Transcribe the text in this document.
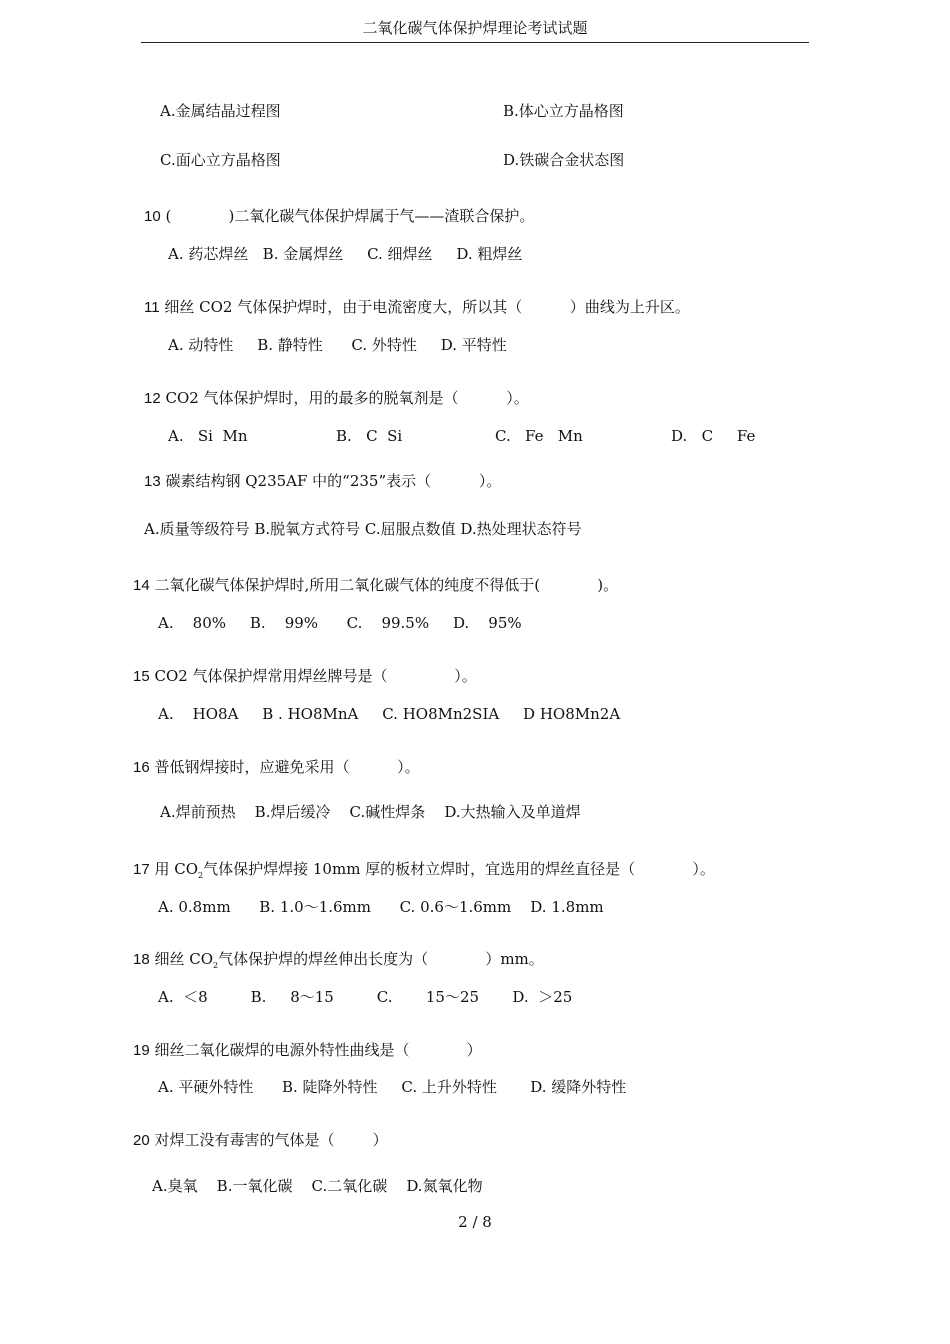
二氧化碳气体保护焊理论考试试题
A.金属结晶过程图	B.体心立方晶格图
C.面心立方晶格图	D.铁碳合金状态图
10 (            )二氧化碳气体保护焊属于气——渣联合保护。
A. 药芯焊丝   B. 金属焊丝     C. 细焊丝     D. 粗焊丝
11 细丝 CO2 气体保护焊时，由于电流密度大，所以其（          ）曲线为上升区。
A. 动特性     B. 静特性      C. 外特性     D. 平特性
12 CO2 气体保护焊时，用的最多的脱氧剂是（          ）。
A.   Si  Mn	B.   C  Si	C.   Fe   Mn	D.   C     Fe
13 碳素结构钢 Q235AF 中的“235”表示（          ）。
A.质量等级符号 B.脱氧方式符号 C.屈服点数值 D.热处理状态符号
14 二氧化碳气体保护焊时,所用二氧化碳气体的纯度不得低于(            )。
A.    80%     B.    99%      C.    99.5%     D.    95%
15 CO2 气体保护焊常用焊丝牌号是（              ）。
A.    HO8A     B . HO8MnA     C. HO8Mn2SIA     D HO8Mn2A
16 普低钢焊接时，应避免采用（          ）。
A.焊前预热    B.焊后缓冷    C.碱性焊条    D.大热输入及单道焊
17 用 $CO_2$气体保护焊焊接 10mm 厚的板材立焊时，宜选用的焊丝直径是（            ）。
A. 0.8mm      B. 1.0～1.6mm      C. 0.6～1.6mm    D. 1.8mm
18 细丝 $CO_2$气体保护焊的焊丝伸出长度为（            ）mm。
A.  ＜8         B.     8～15         C.       15～25       D.  ＞25
19 细丝二氧化碳焊的电源外特性曲线是（            ）
A. 平硬外特性      B. 陡降外特性     C. 上升外特性       D. 缓降外特性
20 对焊工没有毒害的气体是（        ）
A.臭氧    B.一氧化碳    C.二氧化碳    D.氮氧化物
2 / 8
